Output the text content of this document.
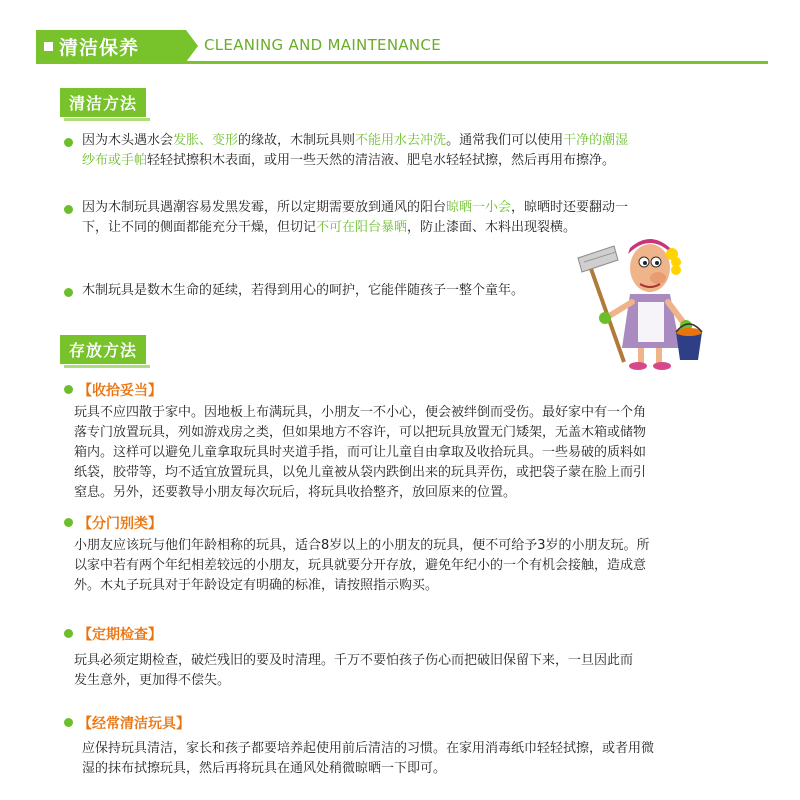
清洁保养	CLEANING AND MAINTENANCE
清洁方法
因为木头遇水会发胀、变形的缘故，木制玩具则不能用水去冲洗。通常我们可以使用干净的潮湿
纱布或手帕轻轻拭擦积木表面，或用一些天然的清洁液、肥皂水轻轻拭擦，然后再用布擦净。
因为木制玩具遇潮容易发黑发霉，所以定期需要放到通风的阳台晾晒一小会，晾晒时还要翻动一
下，让不同的侧面都能充分干燥，但切记不可在阳台暴晒，防止漆面、木料出现裂横。
木制玩具是数木生命的延续，若得到用心的呵护，它能伴随孩子一整个童年。
存放方法
【收拾妥当】
玩具不应四散于家中。因地板上布满玩具，小朋友一不小心，便会被绊倒而受伤。最好家中有一个角
落专门放置玩具，列如游戏房之类，但如果地方不容许，可以把玩具放置无门矮架，无盖木箱或储物
箱内。这样可以避免儿童拿取玩具时夹道手指，而可让儿童自由拿取及收拾玩具。一些易破的质料如
纸袋，胶带等，均不适宜放置玩具，以免儿童被从袋内跌倒出来的玩具弄伤，或把袋子蒙在脸上而引
窒息。另外，还要教导小朋友每次玩后，将玩具收拾整齐，放回原来的位置。
【分门别类】
小朋友应该玩与他们年龄相称的玩具，适合8岁以上的小朋友的玩具，便不可给予3岁的小朋友玩。所
以家中若有两个年纪相差较远的小朋友，玩具就要分开存放，避免年纪小的一个有机会接触，造成意
外。木丸子玩具对于年龄设定有明确的标准，请按照指示购买。
【定期检查】
玩具必须定期检查，破烂残旧的要及时清理。千万不要怕孩子伤心而把破旧保留下来，一旦因此而
发生意外，更加得不偿失。
【经常清洁玩具】
应保持玩具清洁，家长和孩子都要培养起使用前后清洁的习惯。在家用消毒纸巾轻轻拭擦，或者用微
湿的抹布拭擦玩具，然后再将玩具在通风处稍微晾晒一下即可。
